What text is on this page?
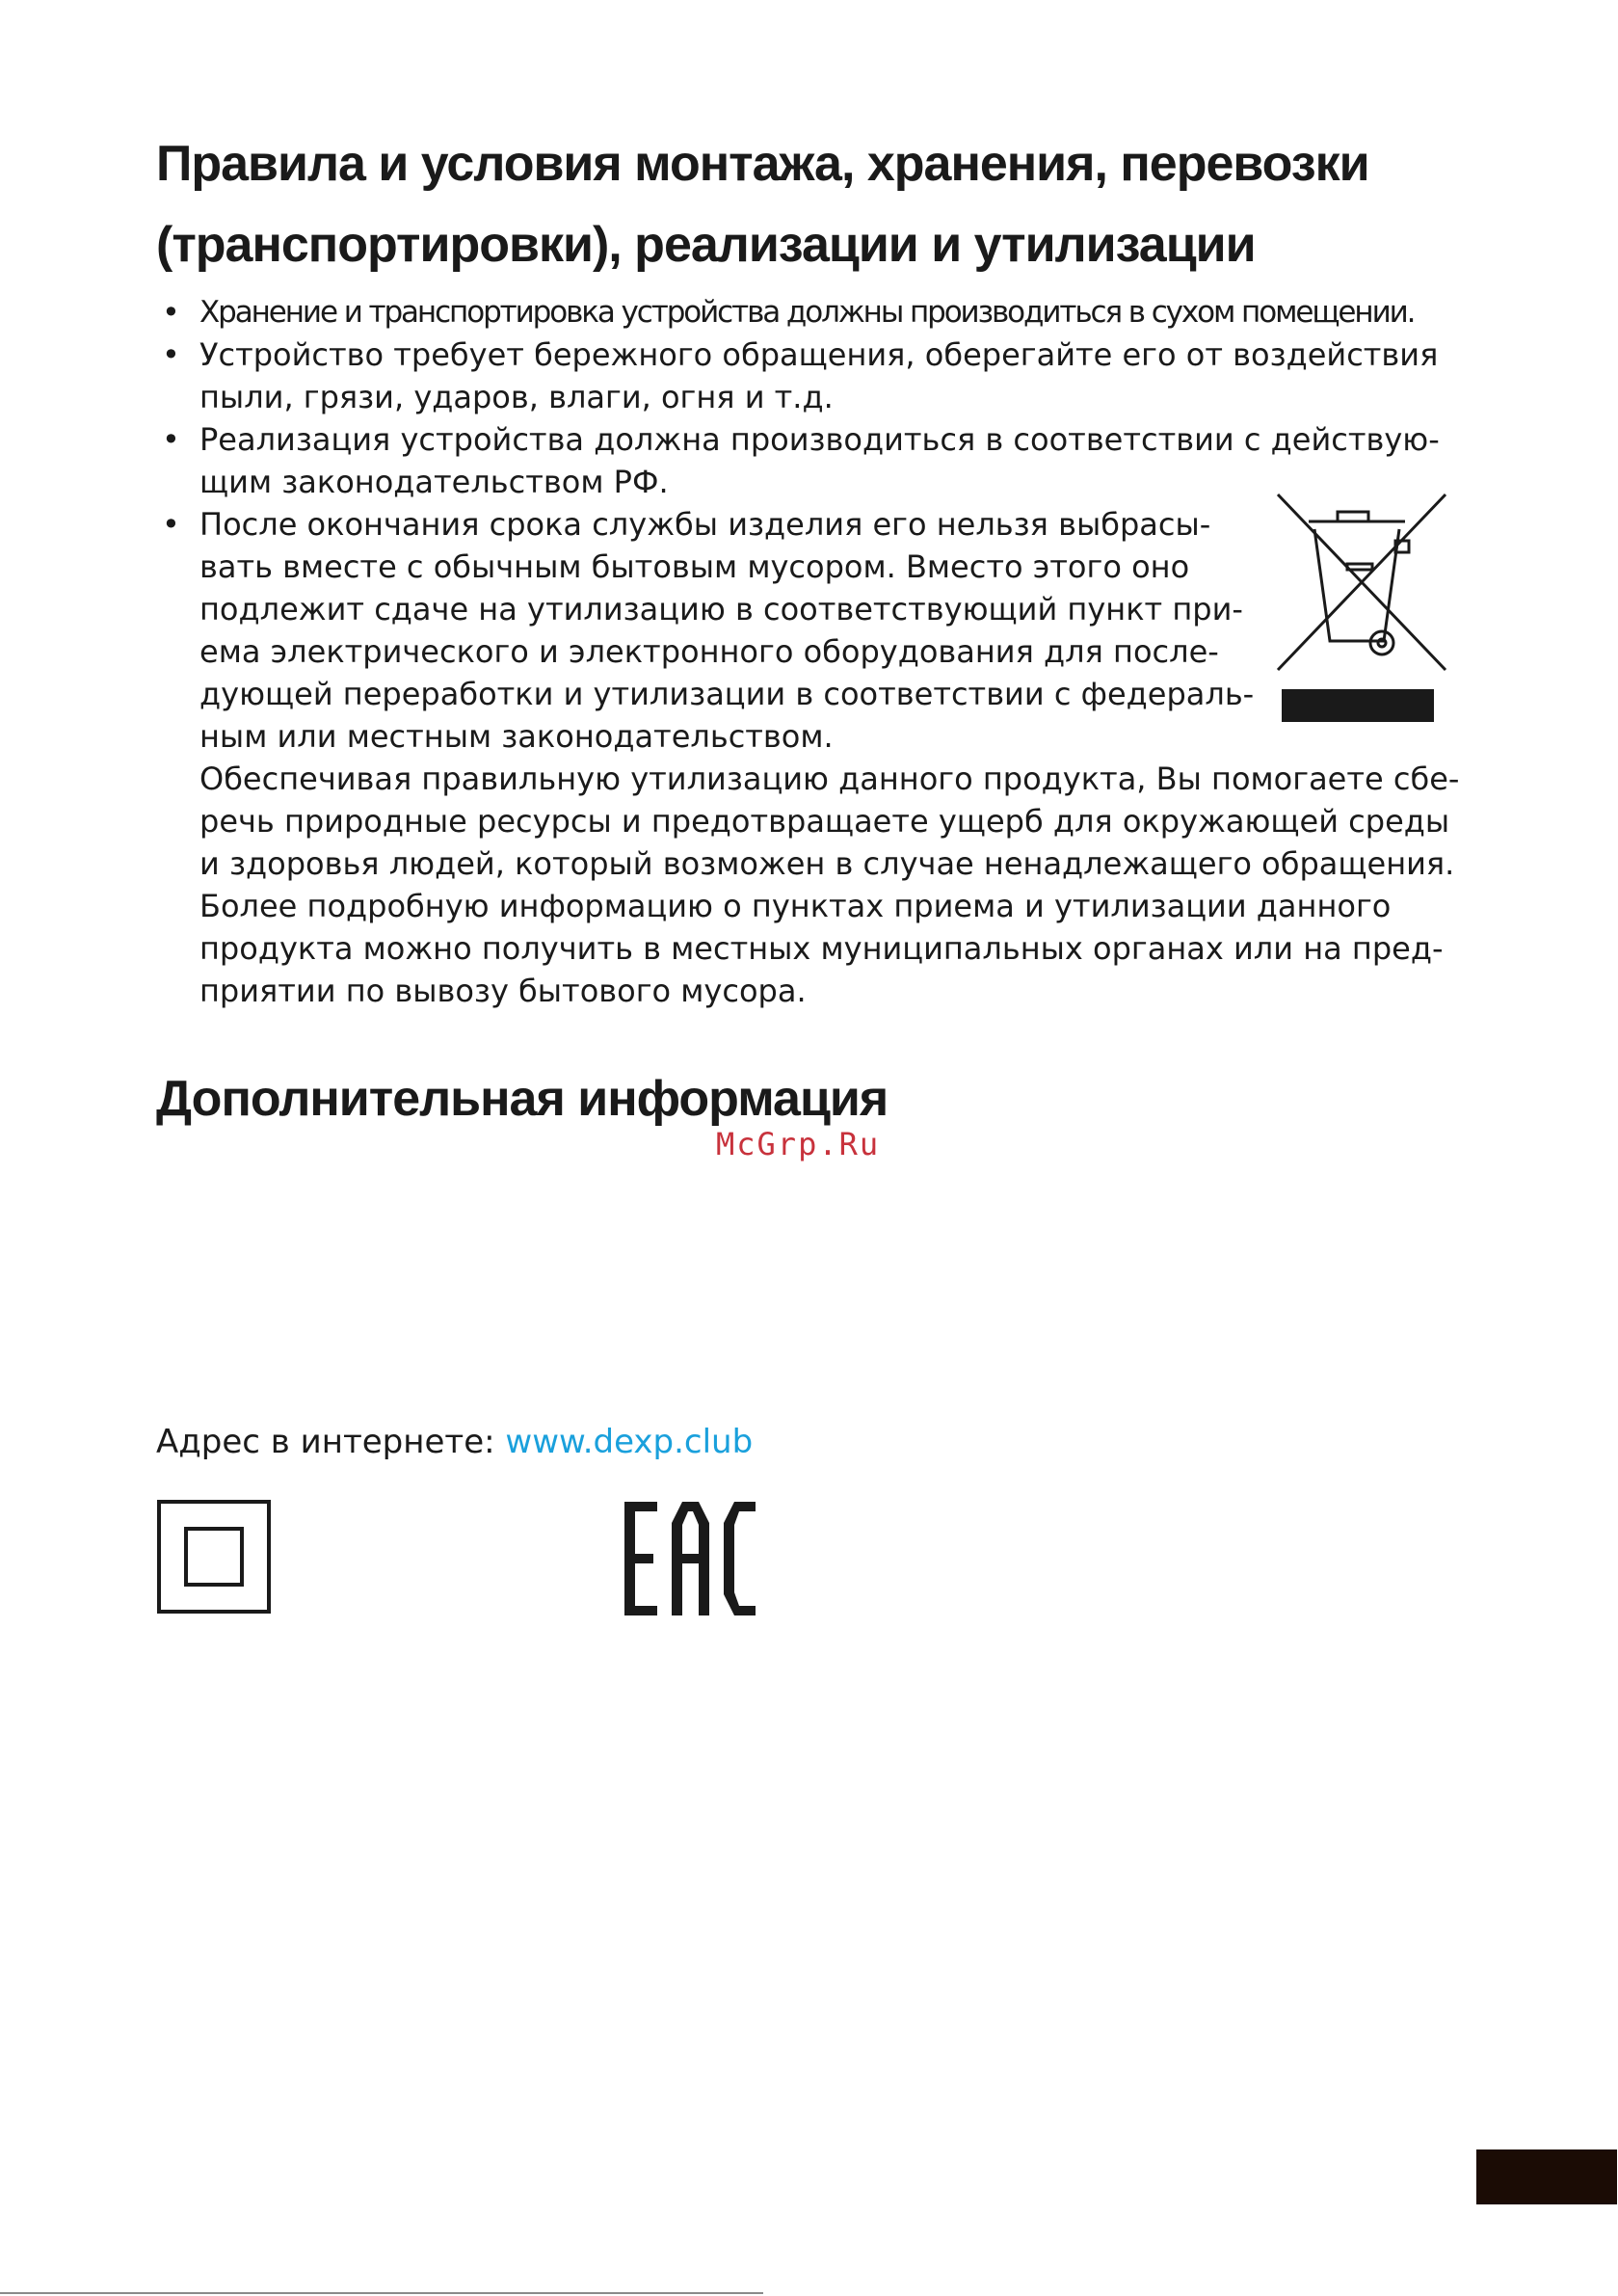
Правила и условия монтажа, хранения, перевозки
(транспортировки), реализации и утилизации
• Хранение и транспортировка устройства должны производиться в сухом помещении.
• Устройство требует бережного обращения, оберегайте его от воздействия
пыли, грязи, ударов, влаги, огня и т.д.
• Реализация устройства должна производиться в соответствии с действую-
щим законодательством РФ.
• После окончания срока службы изделия его нельзя выбрасы-
вать вместе с обычным бытовым мусором. Вместо этого оно
подлежит сдаче на утилизацию в соответствующий пункт при-
ема электрического и электронного оборудования для после-
дующей переработки и утилизации в соответствии с федераль-
ным или местным законодательством.
Обеспечивая правильную утилизацию данного продукта, Вы помогаете сбе-
речь природные ресурсы и предотвращаете ущерб для окружающей среды
и здоровья людей, который возможен в случае ненадлежащего обращения.
Более подробную информацию о пунктах приема и утилизации данного
продукта можно получить в местных муниципальных органах или на пред-
приятии по вывозу бытового мусора.
Дополнительная информация
McGrp.Ru
Адрес в интернете: www.dexp.club
